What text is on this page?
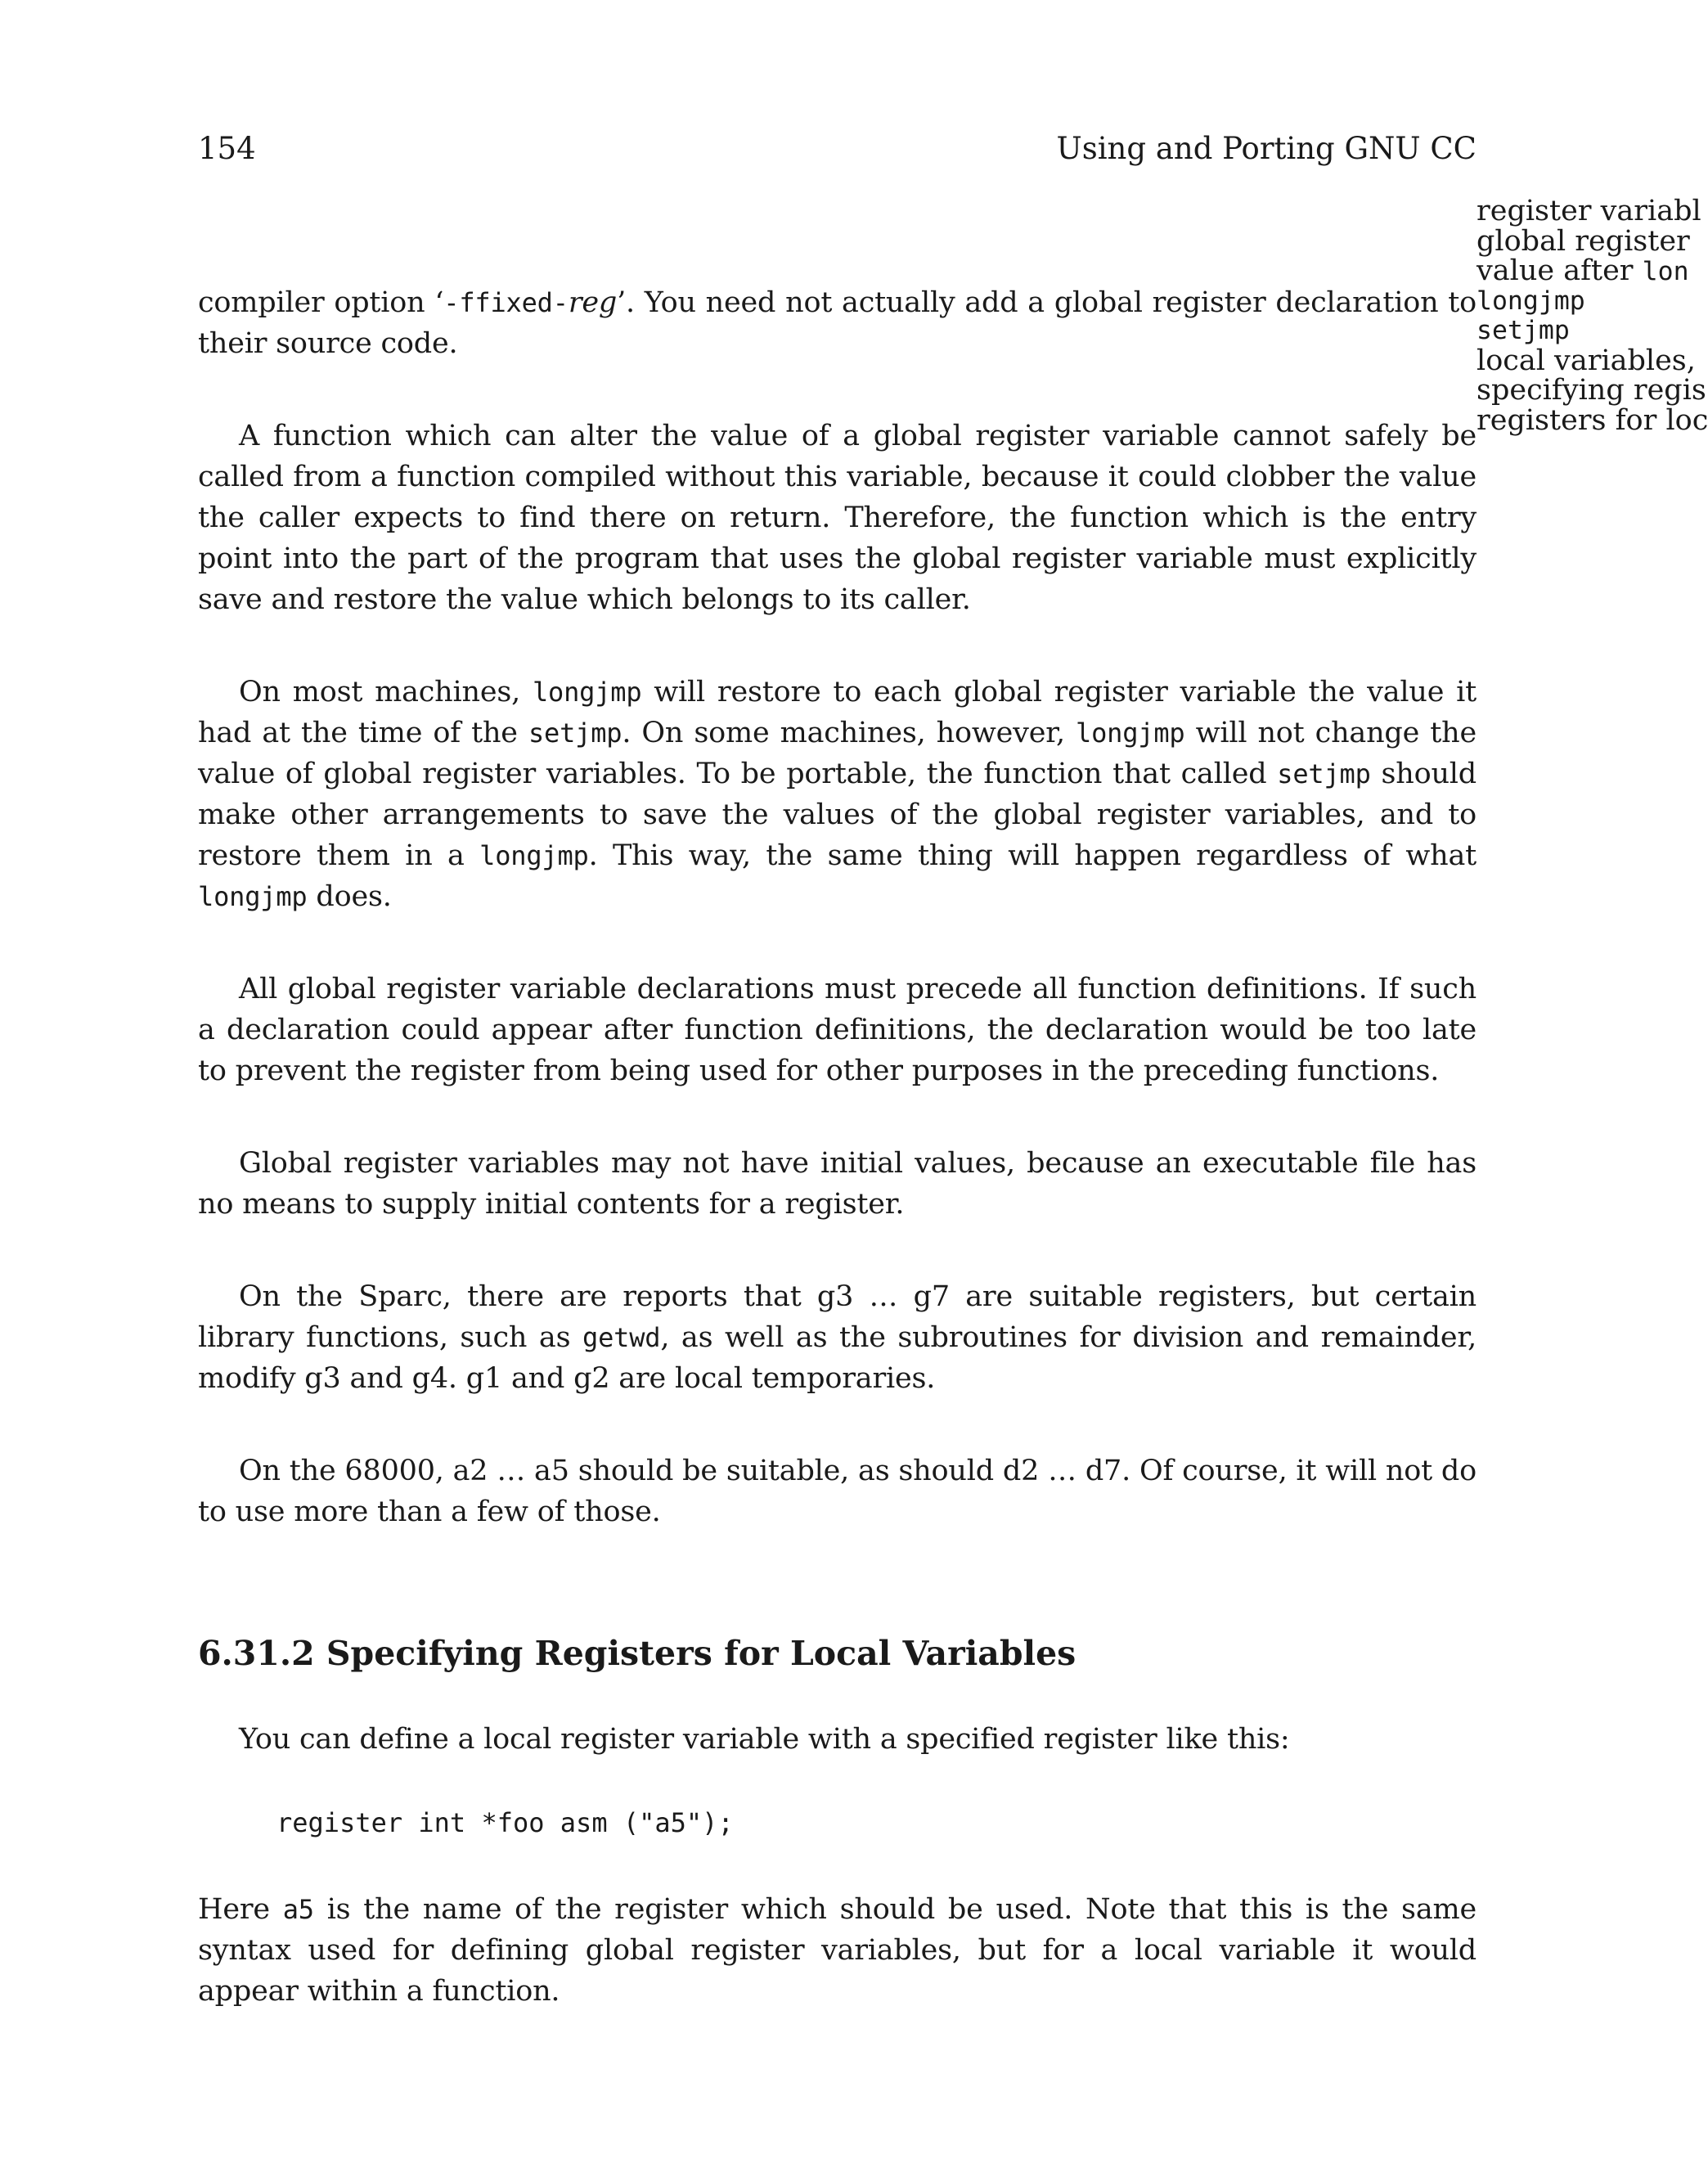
154	Using and Porting GNU CC
register variabl
global register
value after lon
longjmp
setjmp
local variables,
specifying regis
registers for loc

compiler option ‘-ffixed-reg’. You need not actually add a global register declaration to their source code.

A function which can alter the value of a global register variable cannot safely be called from a function compiled without this variable, because it could clobber the value the caller expects to find there on return. Therefore, the function which is the entry point into the part of the program that uses the global register variable must explicitly save and restore the value which belongs to its caller.

On most machines, longjmp will restore to each global register variable the value it had at the time of the setjmp. On some machines, however, longjmp will not change the value of global register variables. To be portable, the function that called setjmp should make other arrangements to save the values of the global register variables, and to restore them in a longjmp. This way, the same thing will happen regardless of what longjmp does.

All global register variable declarations must precede all function definitions. If such a declaration could appear after function definitions, the declaration would be too late to prevent the register from being used for other purposes in the preceding functions.

Global register variables may not have initial values, because an executable file has no means to supply initial contents for a register.

On the Sparc, there are reports that g3 … g7 are suitable registers, but certain library functions, such as getwd, as well as the subroutines for division and remainder, modify g3 and g4. g1 and g2 are local temporaries.

On the 68000, a2 … a5 should be suitable, as should d2 … d7. Of course, it will not do to use more than a few of those.

6.31.2 Specifying Registers for Local Variables

You can define a local register variable with a specified register like this:

register int *foo asm ("a5");

Here a5 is the name of the register which should be used. Note that this is the same syntax used for defining global register variables, but for a local variable it would appear within a function.
